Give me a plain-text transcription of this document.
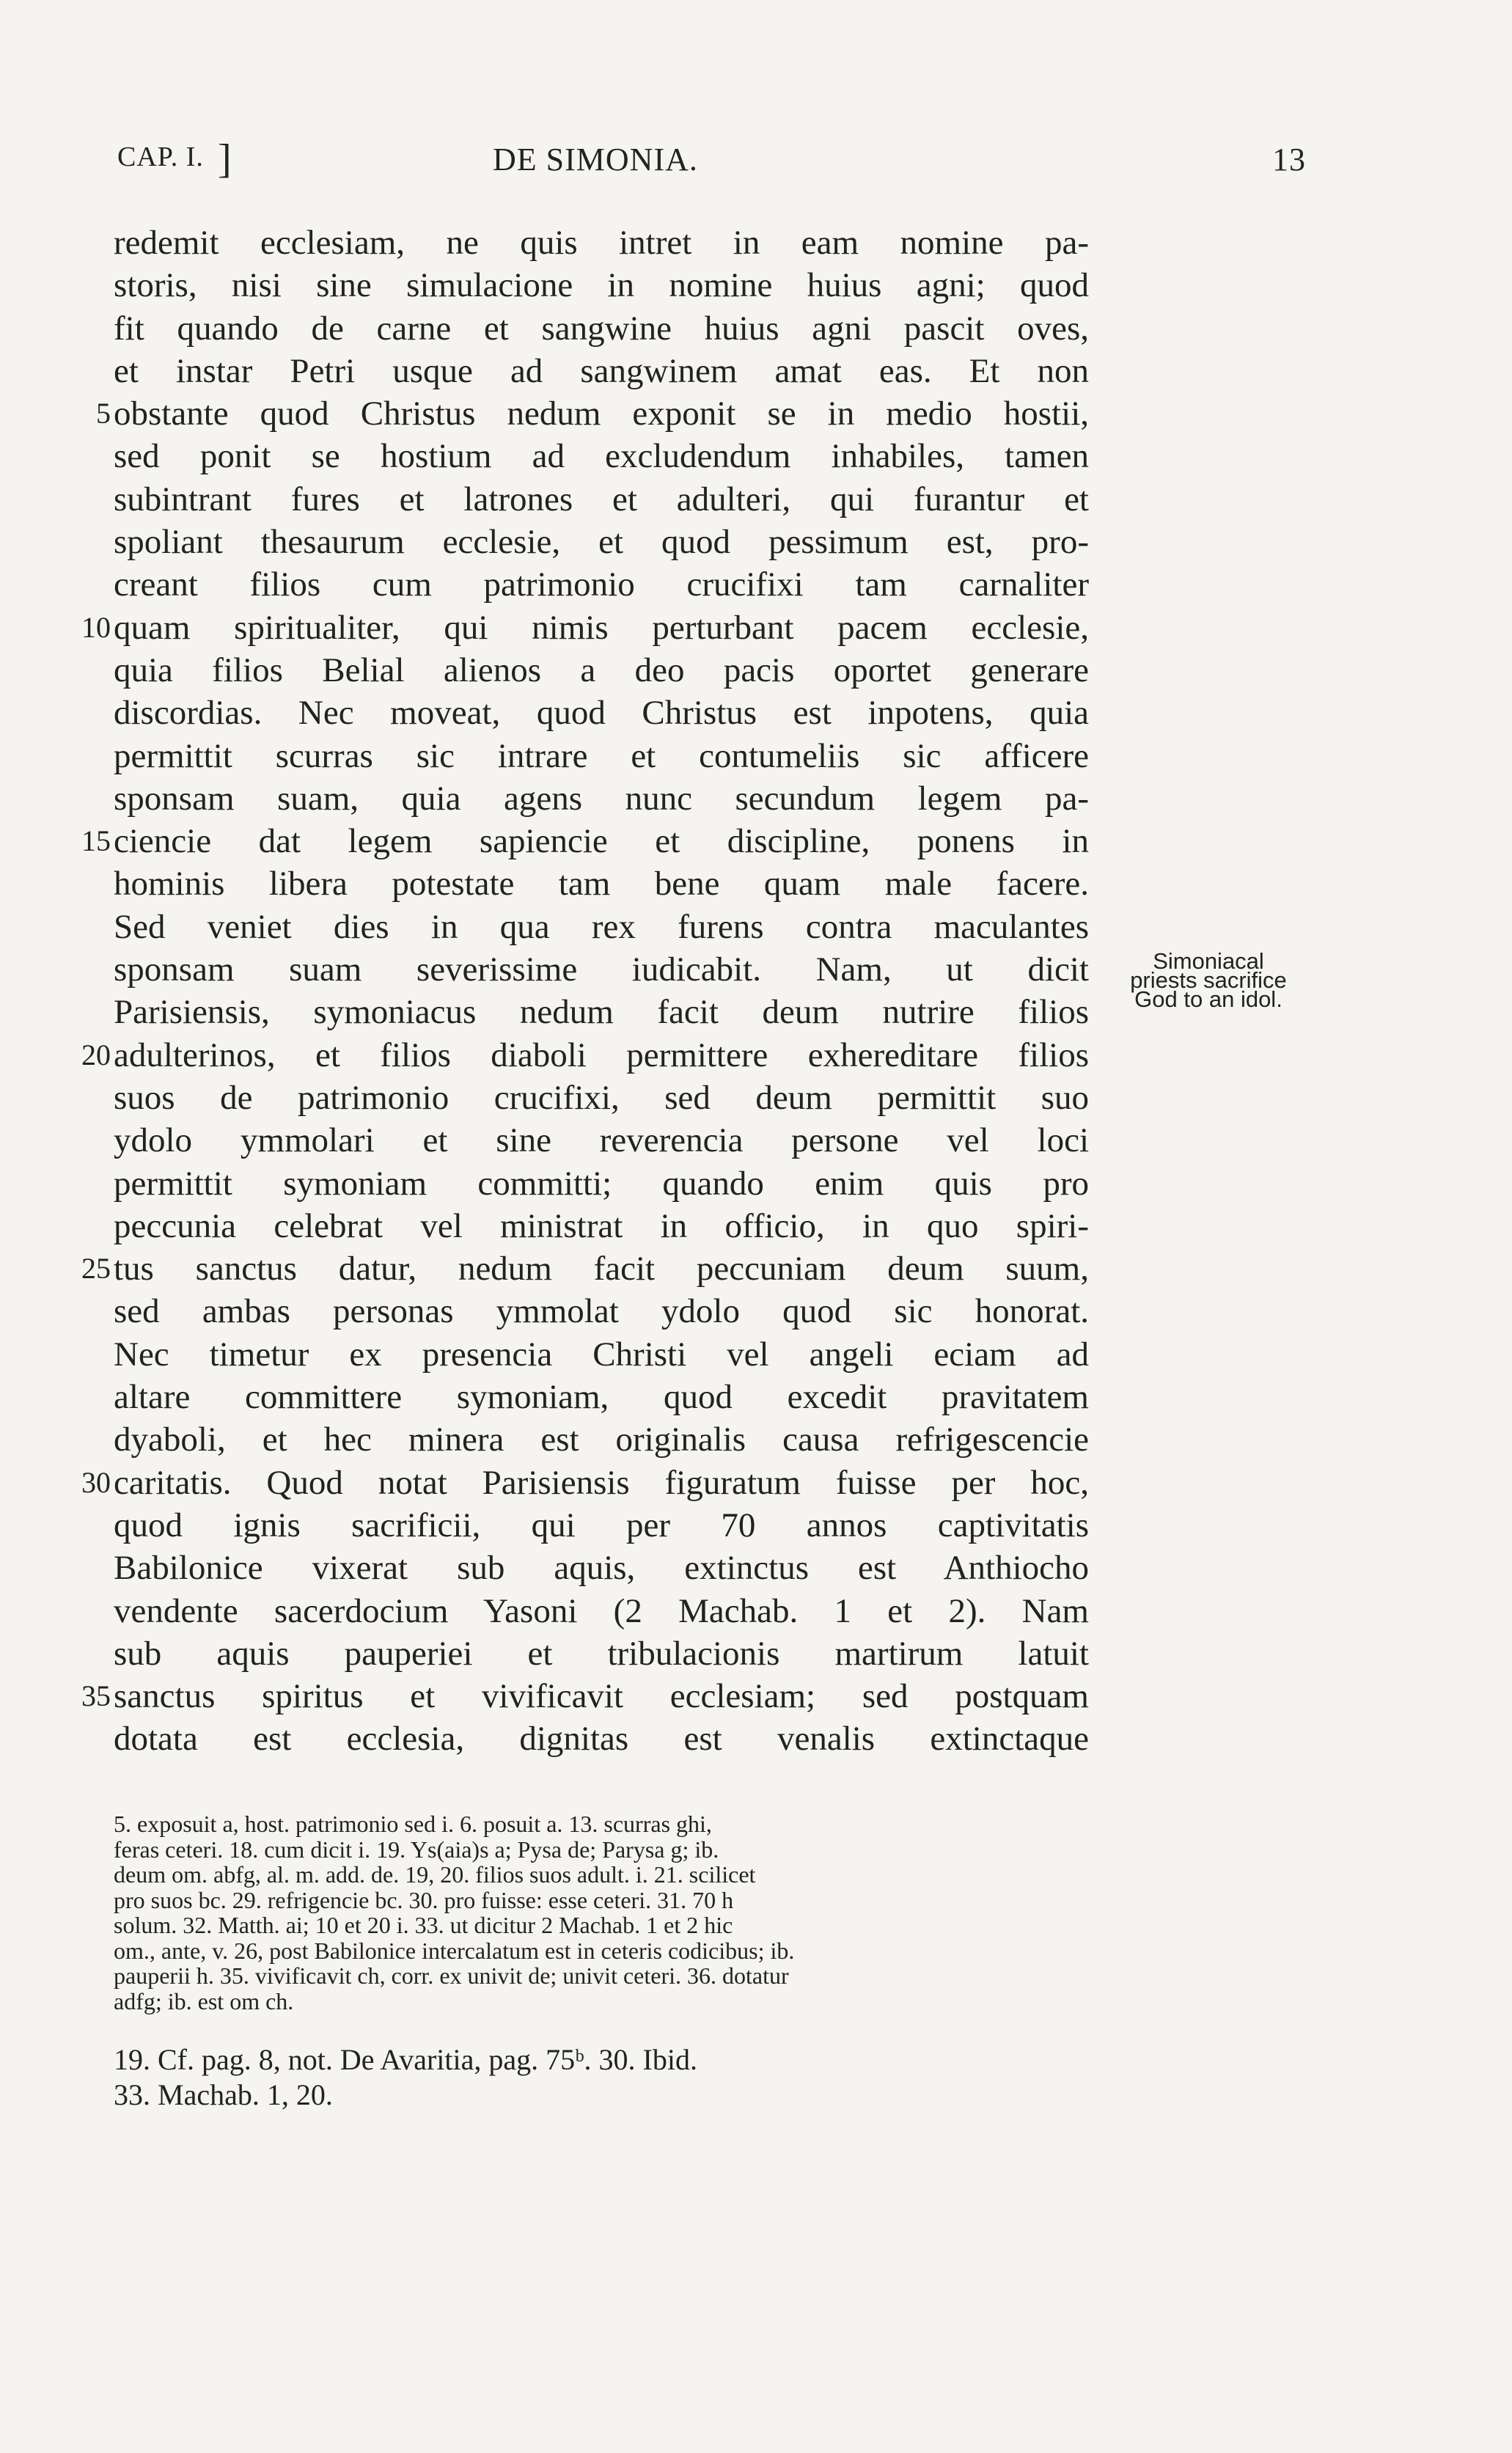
CAP. I. ]	DE SIMONIA.	13
redemit ecclesiam, ne quis intret in eam nomine pa-
storis, nisi sine simulacione in nomine huius agni; quod
fit quando de carne et sangwine huius agni pascit oves,
et instar Petri usque ad sangwinem amat eas. Et non
5 obstante quod Christus nedum exponit se in medio hostii,
sed ponit se hostium ad excludendum inhabiles, tamen
subintrant fures et latrones et adulteri, qui furantur et
spoliant thesaurum ecclesie, et quod pessimum est, pro-
creant filios cum patrimonio crucifixi tam carnaliter
10 quam spiritualiter, qui nimis perturbant pacem ecclesie,
quia filios Belial alienos a deo pacis oportet generare
discordias. Nec moveat, quod Christus est inpotens, quia
permittit scurras sic intrare et contumeliis sic afficere
sponsam suam, quia agens nunc secundum legem pa-
15 ciencie dat legem sapiencie et discipline, ponens in
hominis libera potestate tam bene quam male facere.
Sed veniet dies in qua rex furens contra maculantes
sponsam suam severissime iudicabit. Nam, ut dicit
Parisiensis, symoniacus nedum facit deum nutrire filios
20 adulterinos, et filios diaboli permittere exhereditare filios
suos de patrimonio crucifixi, sed deum permittit suo
ydolo ymmolari et sine reverencia persone vel loci
permittit symoniam committi; quando enim quis pro
peccunia celebrat vel ministrat in officio, in quo spiri-
25 tus sanctus datur, nedum facit peccuniam deum suum,
sed ambas personas ymmolat ydolo quod sic honorat.
Nec timetur ex presencia Christi vel angeli eciam ad
altare committere symoniam, quod excedit pravitatem
dyaboli, et hec minera est originalis causa refrigescencie
30 caritatis. Quod notat Parisiensis figuratum fuisse per hoc,
quod ignis sacrificii, qui per 70 annos captivitatis
Babilonice vixerat sub aquis, extinctus est Anthiocho
vendente sacerdocium Yasoni (2 Machab. 1 et 2). Nam
sub aquis pauperiei et tribulacionis martirum latuit
35 sanctus spiritus et vivificavit ecclesiam; sed postquam
dotata est ecclesia, dignitas est venalis extinctaque
Simoniacal
priests sacrifice
God to an idol.
5. exposuit a, host. patrimonio sed i. 6. posuit a. 13. scurras ghi,
feras ceteri. 18. cum dicit i. 19. Ys(aia)s a; Pysa de; Parysa g; ib.
deum om. abfg, al. m. add. de. 19, 20. filios suos adult. i. 21. scilicet
pro suos bc. 29. refrigencie bc. 30. pro fuisse: esse ceteri. 31. 70 h
solum. 32. Matth. ai; 10 et 20 i. 33. ut dicitur 2 Machab. 1 et 2 hic
om., ante, v. 26, post Babilonice intercalatum est in ceteris codicibus; ib.
pauperii h. 35. vivificavit ch, corr. ex univit de; univit ceteri. 36. dotatur
adfg; ib. est om ch.
19. Cf. pag. 8, not. De Avaritia, pag. 75ᵇ. 30. Ibid.
33. Machab. 1, 20.
